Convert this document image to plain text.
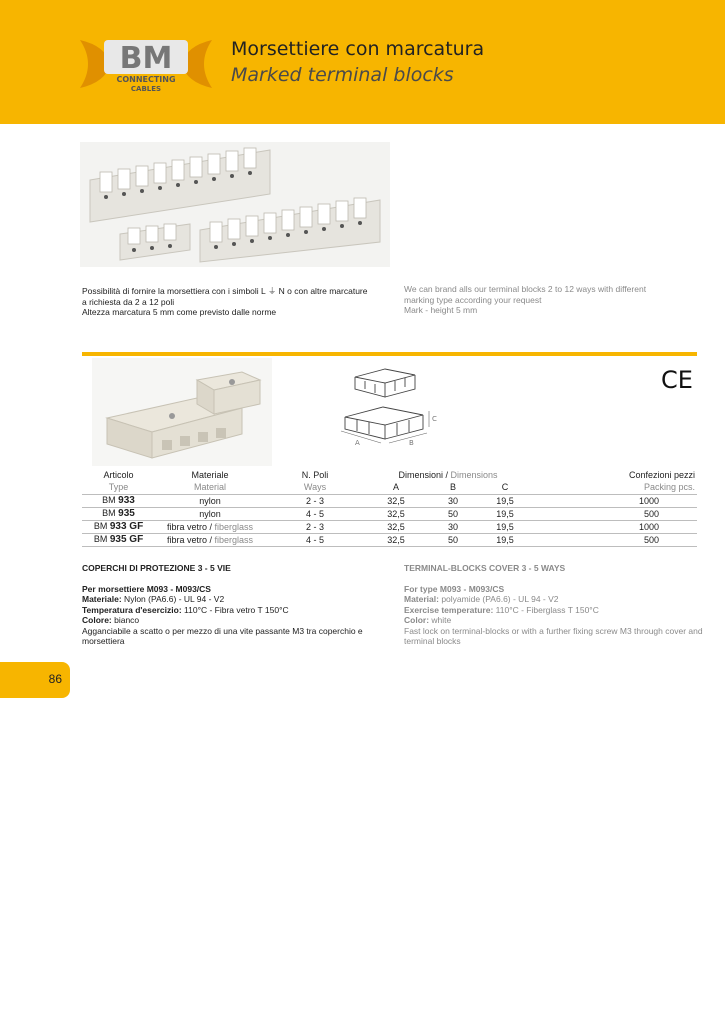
BM
CONNECTING
CABLES
Morsettiere con marcatura
Marked terminal blocks
Possibilità di fornire la morsettiera con i simboli L ⏚ N o con altre marcature
a richiesta da 2 a 12 poli
Altezza marcatura 5 mm come previsto dalle norme
We can brand alls our terminal blocks 2 to 12 ways with different
marking type according your request
Mark - height 5 mm
A	B
C
CE
Articolo	Materiale	N. Poli	Dimensioni / Dimensions			Confezioni pezzi
Type	Material	Ways	A	B	C	Packing pcs.
BM 933	nylon	2 - 3	32,5	30	19,5	1000
BM 935	nylon	4 - 5	32,5	50	19,5	500
BM 933 GF	fibra vetro / fiberglass	2 - 3	32,5	30	19,5	1000
BM 935 GF	fibra vetro / fiberglass	4 - 5	32,5	50	19,5	500
COPERCHI DI PROTEZIONE 3 - 5 VIE
Per morsettiere M093 - M093/CS
Materiale: Nylon (PA6.6) - UL 94 - V2
Temperatura d'esercizio: 110°C - Fibra vetro T 150°C
Colore: bianco
Agganciabile a scatto o per mezzo di una vite passante M3 tra coperchio e morsettiera
TERMINAL-BLOCKS COVER 3 - 5 WAYS
For type M093 - M093/CS
Material: polyamide (PA6.6) - UL 94 - V2
Exercise temperature: 110°C - Fiberglass T 150°C
Color: white
Fast lock on terminal-blocks or with a further fixing screw M3 through cover and terminal blocks
86
